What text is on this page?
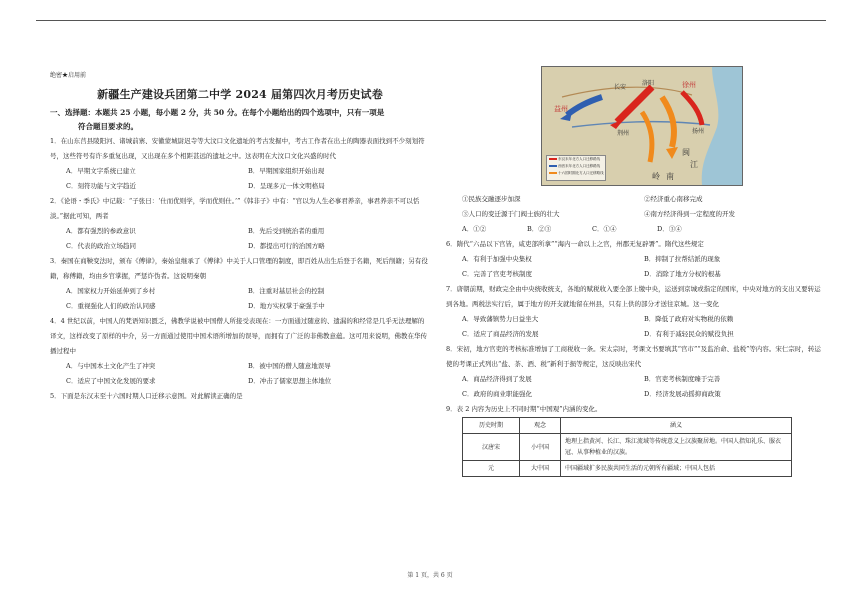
绝密★启用前
新疆生产建设兵团第二中学 2024 届第四次月考历史试卷
一、选择题：本题共 25 小题，每小题 2 分，共 50 分。在每个小题给出的四个选项中，只有一项是
符合题目要求的。
1．在山东莒县陵阳河、诸城前寨、安徽蒙城尉迟寺等大汶口文化遗址的考古发掘中，考古工作者在出土的陶器表面找到不少刻划符号，这些符号有许多重复出现，又出现在多个相距甚远的遗址之中。这表明在大汶口文化兴盛的时代
A．早期文字系统已建立	B．早期国家组织开始出现
C．刻符功能与文字趋近	D．呈现多元一体文明格局
2．《论语・季氏》中记载：“子张曰：‘仕而优则学，学而优则仕。’”《韩非子》中有：“官以为人生必事君养亲，事君养亲不可以恬淡。”据此可知，两者
A．都有强烈的参政意识	B．先后受到统治者的重用
C．代表的政治立场趋同	D．都提出可行的治国方略
3．秦国在商鞅变法时，颁布《傅律》，秦始皇继承了《傅律》中关于人口管理的制度，即百姓从出生后登于名籍，死后削籍；另有役籍，称傅籍，均由乡官掌握，严惩诈伪者。这说明秦朝
A．国家权力开始延伸到了乡村	B．注重对基层社会的控制
C．重视强化人们的政治认同感	D．地方实权掌于豪强手中
4．4 世纪以前，中国人的梵语知识匮乏，佛教学说被中国僧人所接受表现在：一方面通过随意的、遗漏的和经常是几乎无法理解的译文，这样改变了原样的中介，另一方面通过使用中国术语所增加的误导，而拥有了广泛的非佛教意蕴。这可用来说明，佛教在华传播过程中
A．与中国本土文化产生了冲突	B．被中国的僧人随意地误导
C．适应了中国文化发展的要求	D．冲击了儒家思想主体地位
5．下面是东汉末至十六国时期人口迁移示意图。对此解读正确的是
徐州
益州
荆州	扬州
长安
洛阳
岭 南
闽
江
东汉末年北方人口迁移路线
西晋末年北方人口迁移路线
十六国时期北方人口迁移路线
①民族交融逐步加深	②经济重心南移完成
③人口的变迁源于门阀士族的壮大	④南方经济得到一定程度的开发
A．①②	B．②③	C．①④	D．③④
6．隋代“六品以下官皆，咸吏部所拿”“海内一命以上之官，州郡无复辟署”。隋代这些规定
A．有利于加强中央集权	B．抑制了拉帮结派的现象
C．完善了官吏考核制度	D．消除了地方分权的根基
7．唐朝前期，财政完全由中央统收统支，各地的赋税收入要全部上缴中央，运送到京城或指定的国库，中央对地方的支出又要转运到各地。两税法实行后，属于地方的开支就地留在州县，只有上供的部分才送往京城。这一变化
A．导致藩镇势力日益坐大	B．降低了政府对实物税的依赖
C．适应了商品经济的发展	D．有利于减轻民众的赋役负担
8．宋初，地方官吏的考核标准增加了工商税收一条。宋太宗时，考课文书要填其“官市”“及监治命、盐税”等内容。宋仁宗时，转运使的考课正式列出“盐、茶、酒、税”新利于损等规定，这反映出宋代
A．商品经济得到了发展	B．官吏考核制度臻于完善
C．政府的商业职能强化	D．经济发展动摇抑商政策
9．表 2 内容为历史上不同时期“中国观”内涵的变化。
历史时期	观念	涵义
汉唐宋	小中国	地理上指黄河、长江、珠江流域等传统意义上汉族聚居地。中国人指知礼乐、服衣冠、从事种植业的汉族。
元	大中国	中国疆域扩多民族共同生活的元朝所有疆域；中国人包括
第 1 页，共 6 页
